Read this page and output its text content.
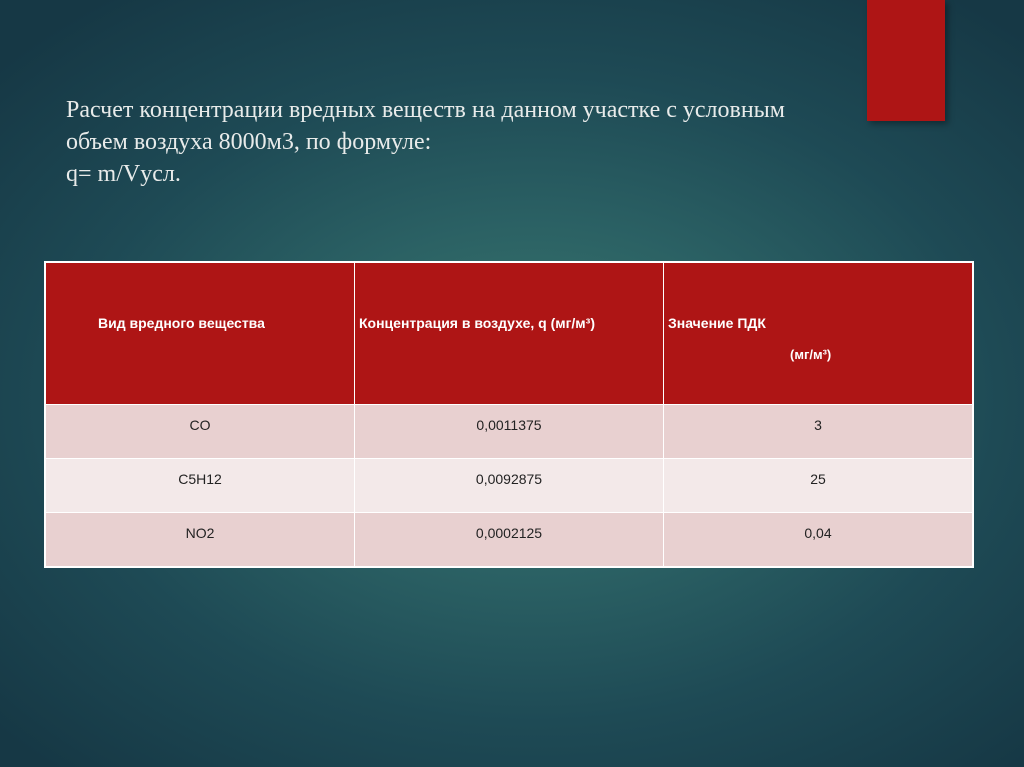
Расчет концентрации вредных веществ на данном участке с условным
объем воздуха 8000м3, по формуле:
q= m/Vусл.
Вид вредного вещества	Концентрация в воздухе, q (мг/м³)	Значение ПДК
(мг/м³)

CO	0,0011375	3

C5H12	0,0092875	25

NO2	0,0002125	0,04
